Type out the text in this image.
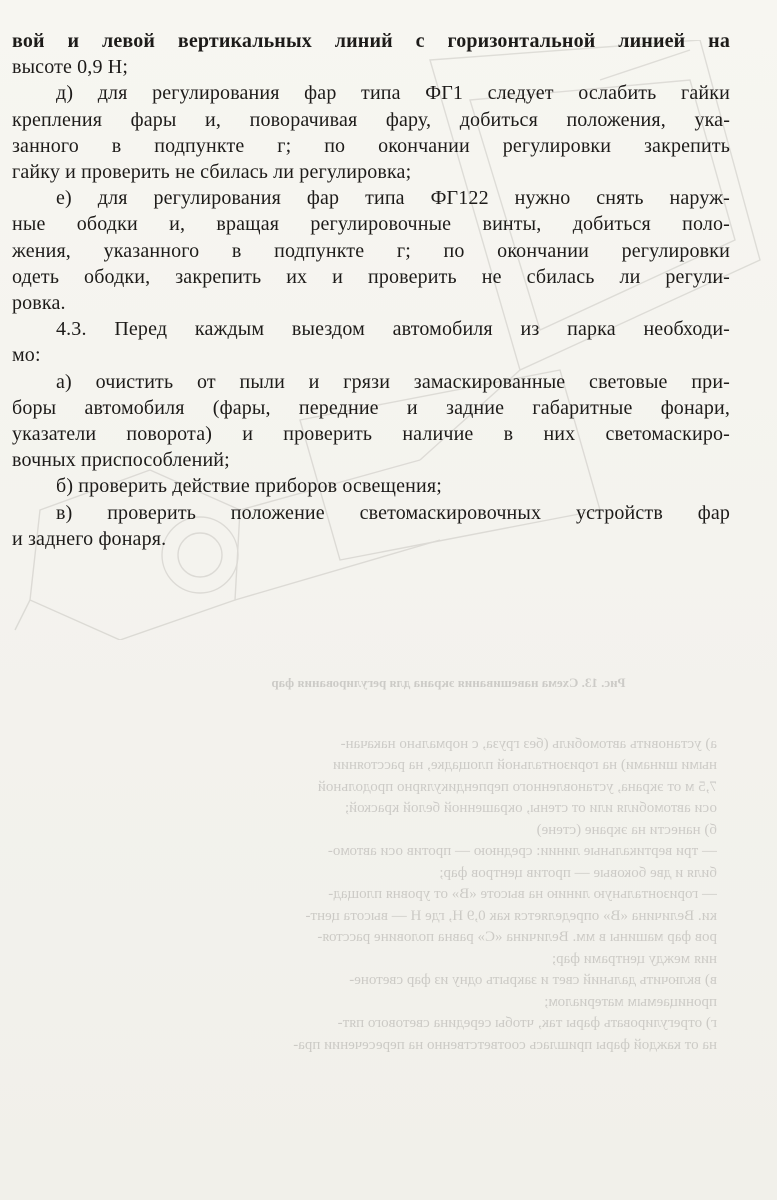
Рис. 13. Схема навешивания экрана для регулирования фар
а) установить автомобиль (без груза, с нормально накачан-
ными шинами) на горизонтальной площадке, на расстоянии
7,5 м от экрана, установленного перпендикулярно продольной
оси автомобиля или от стены, окрашенной белой краской;
б) нанести на экране (стене)
— три вертикальные линии: среднюю — против оси автомо-
биля и две боковые — против центров фар;
— горизонтальную линию на высоте «В» от уровня площад-
ки. Величина «В» определяется как 0,9 Н, где Н — высота цент-
ров фар машины в мм. Величина «С» равна половине расстоя-
ния между центрами фар;
в) включить дальний свет и закрыть одну из фар светоне-
проницаемым материалом;
г) отрегулировать фары так, чтобы середина светового пят-
на от каждой фары пришлась соответственно на пересечении пра-
вой и левой вертикальных линий с горизонтальной линией на
высоте 0,9 Н;
д) для регулирования фар типа ФГ1 следует ослабить гайки
крепления фары и, поворачивая фару, добиться положения, ука-
занного в подпункте г; по окончании регулировки закрепить
гайку и проверить не сбилась ли регулировка;
е) для регулирования фар типа ФГ122 нужно снять наруж-
ные ободки и, вращая регулировочные винты, добиться поло-
жения, указанного в подпункте г; по окончании регулировки
одеть ободки, закрепить их и проверить не сбилась ли регули-
ровка.
4.3. Перед каждым выездом автомобиля из парка необходи-
мо:
а) очистить от пыли и грязи замаскированные световые при-
боры автомобиля (фары, передние и задние габаритные фонари,
указатели поворота) и проверить наличие в них светомаскиро-
вочных приспособлений;
б) проверить действие приборов освещения;
в) проверить положение светомаскировочных устройств фар
и заднего фонаря.
